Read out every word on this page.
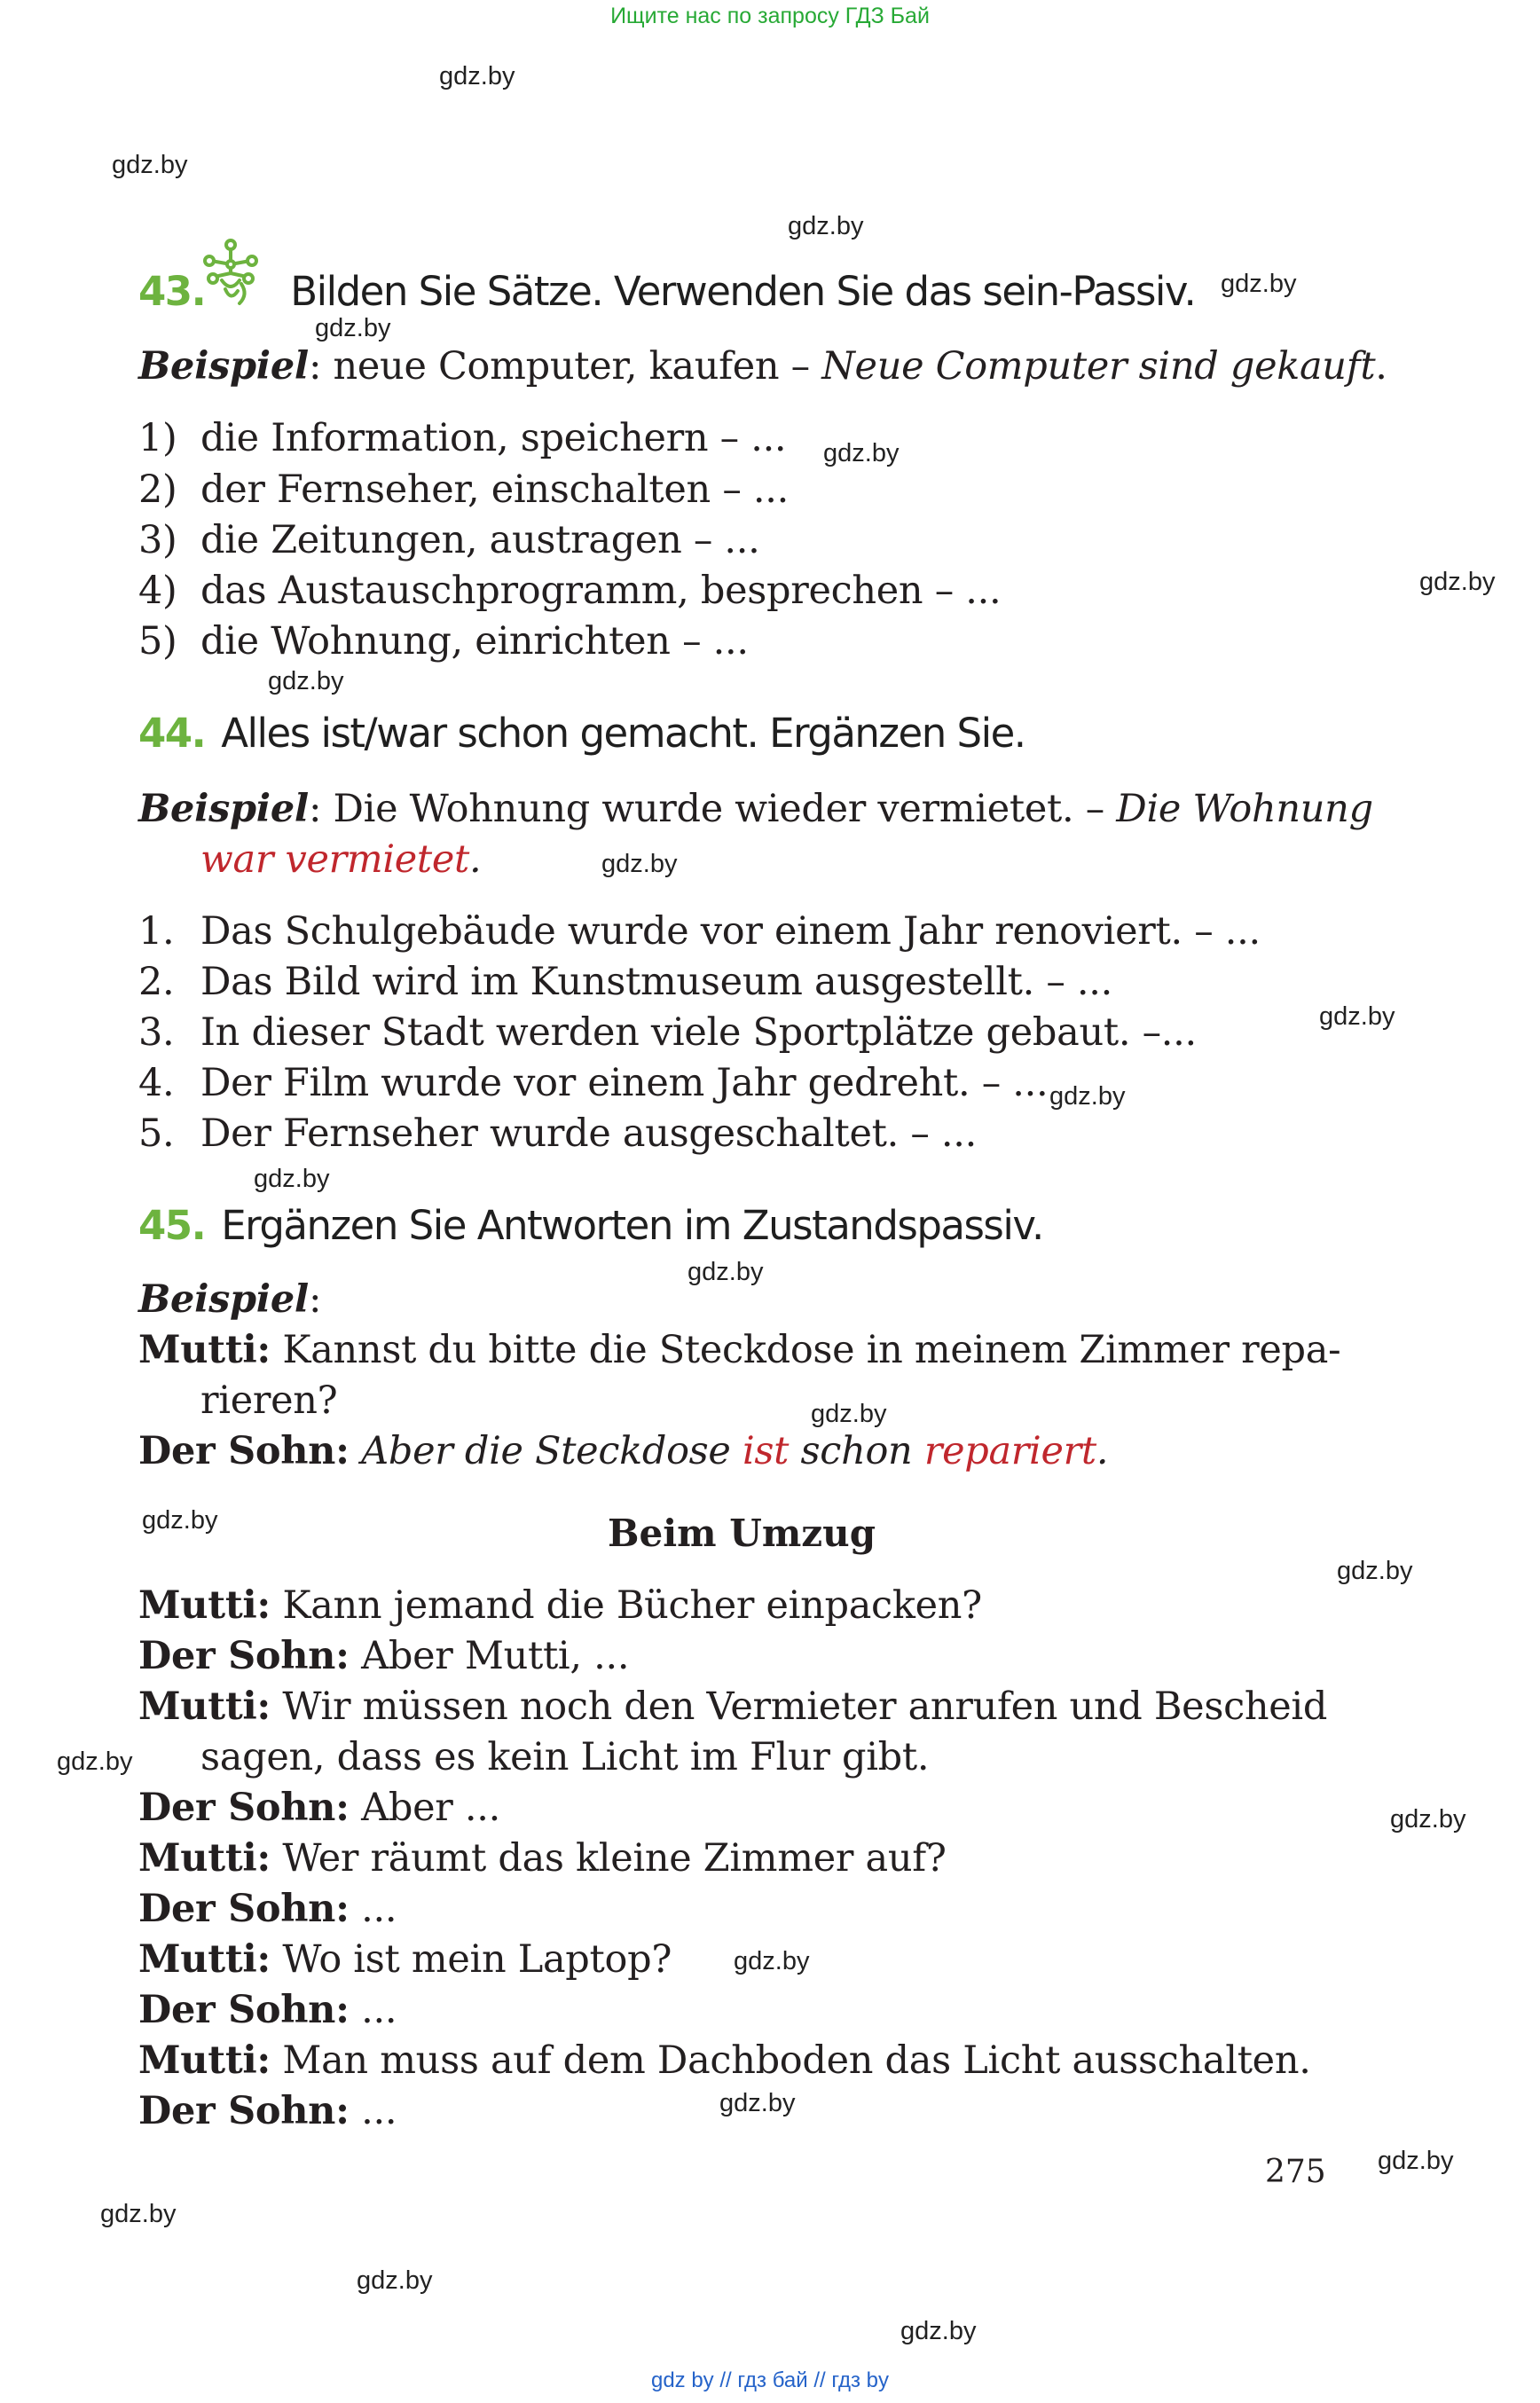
Ищите нас по запросу ГДЗ Бай
gdz.by
gdz.by
gdz.by
gdz.by
gdz.by
gdz.by
gdz.by
gdz.by
gdz.by
gdz.by
gdz.by
gdz.by
gdz.by
gdz.by
gdz.by
gdz.by
gdz.by
gdz.by
gdz.by
gdz.by
gdz.by
gdz.by
gdz.by
gdz.by
43. Bilden Sie Sätze. Verwenden Sie das sein-Passiv.
Beispiel: neue Computer, kaufen – Neue Computer sind gekauft.
1) die Information, speichern – ...
2) der Fernseher, einschalten – ...
3) die Zeitungen, austragen – ...
4) das Austauschprogramm, besprechen – ...
5) die Wohnung, einrichten – ...
44. Alles ist/war schon gemacht. Ergänzen Sie.
Beispiel: Die Wohnung wurde wieder vermietet. – Die Wohnung
war vermietet.
1. Das Schulgebäude wurde vor einem Jahr renoviert. – ...
2. Das Bild wird im Kunstmuseum ausgestellt. – ...
3. In dieser Stadt werden viele Sportplätze gebaut. –...
4. Der Film wurde vor einem Jahr gedreht. – ...
5. Der Fernseher wurde ausgeschaltet. – ...
45. Ergänzen Sie Antworten im Zustandspassiv.
Beispiel:
Mutti: Kannst du bitte die Steckdose in meinem Zimmer repa-
rieren?
Der Sohn: Aber die Steckdose ist schon repariert.
Beim Umzug
Mutti: Kann jemand die Bücher einpacken?
Der Sohn: Aber Mutti, ...
Mutti: Wir müssen noch den Vermieter anrufen und Bescheid
sagen, dass es kein Licht im Flur gibt.
Der Sohn: Aber ...
Mutti: Wer räumt das kleine Zimmer auf?
Der Sohn: ...
Mutti: Wo ist mein Laptop?
Der Sohn: ...
Mutti: Man muss auf dem Dachboden das Licht ausschalten.
Der Sohn: ...
275
gdz by // гдз бай // гдз by
